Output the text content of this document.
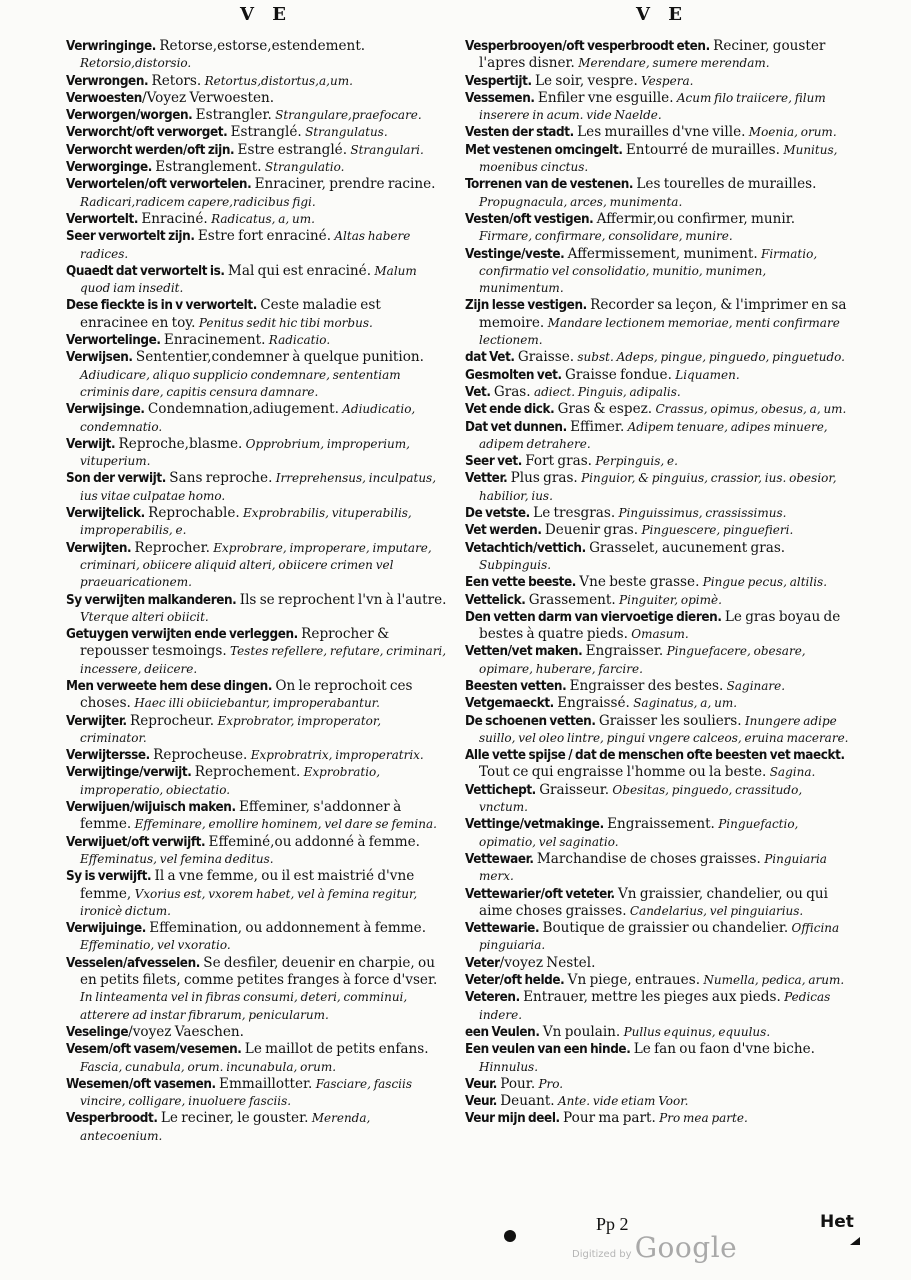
V E	V E
Verwringinge. Retorse,estorse,estendement. Retorsio,distorsio.
Verwrongen. Retors. Retortus,distortus,a,um.
Verwoesten/Voyez Verwoesten.
Verworgen/worgen. Estrangler. Strangulare,praefocare.
Verworcht/oft verworget. Estranglé. Strangulatus.
Verworcht werden/oft zijn. Estre estranglé. Strangulari.
Verworginge. Estranglement. Strangulatio.
Verwortelen/oft verwortelen. Enraciner, prendre racine. Radicari,radicem capere,radicibus figi.
Verwortelt. Enraciné. Radicatus, a, um.
Seer verwortelt zijn. Estre fort enraciné. Altas habere radices.
Quaedt dat verwortelt is. Mal qui est enraciné. Malum quod iam insedit.
Dese fieckte is in v verwortelt. Ceste maladie est enracinee en toy. Penitus sedit hic tibi morbus.
Verwortelinge. Enracinement. Radicatio.
Verwijsen. Sententier,condemner à quelque punition. Adiudicare, aliquo supplicio condemnare, sententiam criminis dare, capitis censura damnare.
Verwijsinge. Condemnation,adiugement. Adiudicatio, condemnatio.
Verwijt. Reproche,blasme. Opprobrium, improperium, vituperium.
Son der verwijt. Sans reproche. Irreprehensus, inculpatus, ius vitae culpatae homo.
Verwijtelick. Reprochable. Exprobrabilis, vituperabilis, improperabilis, e.
Verwijten. Reprocher. Exprobrare, improperare, imputare, criminari, obiicere aliquid alteri, obiicere crimen vel praeuaricationem.
Sy verwijten malkanderen. Ils se reprochent l'vn à l'autre. Vterque alteri obiicit.
Getuygen verwijten ende verleggen. Reprocher & repousser tesmoings. Testes refellere, refutare, criminari, incessere, deiicere.
Men verweete hem dese dingen. On le reprochoit ces choses. Haec illi obiiciebantur, improperabantur.
Verwijter. Reprocheur. Exprobrator, improperator, criminator.
Verwijtersse. Reprocheuse. Exprobratrix, improperatrix.
Verwijtinge/verwijt. Reprochement. Exprobratio, improperatio, obiectatio.
Verwijuen/wijuisch maken. Effeminer, s'addonner à femme. Effeminare, emollire hominem, vel dare se femina.
Verwijuet/oft verwijft. Effeminé,ou addonné à femme. Effeminatus, vel femina deditus.
Sy is verwijft. Il a vne femme, ou il est maistrié d'vne femme, Vxorius est, vxorem habet, vel à femina regitur, ironicè dictum.
Verwijuinge. Effemination, ou addonnement à femme. Effeminatio, vel vxoratio.
Vesselen/afvesselen. Se desfiler, deuenir en charpie, ou en petits filets, comme petites franges à force d'vser. In linteamenta vel in fibras consumi, deteri, comminui, atterere ad instar fibrarum, penicularum.
Veselinge/voyez Vaeschen.
Vesem/oft vasem/vesemen. Le maillot de petits enfans. Fascia, cunabula, orum. incunabula, orum.
Wesemen/oft vasemen. Emmaillotter. Fasciare, fasciis vincire, colligare, inuoluere fasciis.
Vesperbroodt. Le reciner, le gouster. Merenda, antecoenium.
Vesperbrooyen/oft vesperbroodt eten. Reciner, gouster l'apres disner. Merendare, sumere merendam.
Vespertijt. Le soir, vespre. Vespera.
Vessemen. Enfiler vne esguille. Acum filo traiicere, filum inserere in acum. vide Naelde.
Vesten der stadt. Les murailles d'vne ville. Moenia, orum.
Met vestenen omcingelt. Entourré de murailles. Munitus, moenibus cinctus.
Torrenen van de vestenen. Les tourelles de murailles. Propugnacula, arces, munimenta.
Vesten/oft vestigen. Affermir,ou confirmer, munir. Firmare, confirmare, consolidare, munire.
Vestinge/veste. Affermissement, muniment. Firmatio, confirmatio vel consolidatio, munitio, munimen, munimentum.
Zijn lesse vestigen. Recorder sa leçon, & l'imprimer en sa memoire. Mandare lectionem memoriae, menti confirmare lectionem.
dat Vet. Graisse. subst. Adeps, pingue, pinguedo, pinguetudo.
Gesmolten vet. Graisse fondue. Liquamen.
Vet. Gras. adiect. Pinguis, adipalis.
Vet ende dick. Gras & espez. Crassus, opimus, obesus, a, um.
Dat vet dunnen. Effimer. Adipem tenuare, adipes minuere, adipem detrahere.
Seer vet. Fort gras. Perpinguis, e.
Vetter. Plus gras. Pinguior, & pinguius, crassior, ius. obesior, habilior, ius.
De vetste. Le tresgras. Pinguissimus, crassissimus.
Vet werden. Deuenir gras. Pinguescere, pinguefieri.
Vetachtich/vettich. Grasselet, aucunement gras. Subpinguis.
Een vette beeste. Vne beste grasse. Pingue pecus, altilis.
Vettelick. Grassement. Pinguiter, opimè.
Den vetten darm van viervoetige dieren. Le gras boyau de bestes à quatre pieds. Omasum.
Vetten/vet maken. Engraisser. Pinguefacere, obesare, opimare, huberare, farcire.
Beesten vetten. Engraisser des bestes. Saginare.
Vetgemaeckt. Engraissé. Saginatus, a, um.
De schoenen vetten. Graisser les souliers. Inungere adipe suillo, vel oleo lintre, pingui vngere calceos, eruina macerare.
Alle vette spijse / dat de menschen ofte beesten vet maeckt. Tout ce qui engraisse l'homme ou la beste. Sagina.
Vettichept. Graisseur. Obesitas, pinguedo, crassitudo, vnctum.
Vettinge/vetmakinge. Engraissement. Pinguefactio, opimatio, vel saginatio.
Vettewaer. Marchandise de choses graisses. Pinguiaria merx.
Vettewarier/oft veteter. Vn graissier, chandelier, ou qui aime choses graisses. Candelarius, vel pinguiarius.
Vettewarie. Boutique de graissier ou chandelier. Officina pinguiaria.
Veter/voyez Nestel.
Veter/oft helde. Vn piege, entraues. Numella, pedica, arum.
Veteren. Entrauer, mettre les pieges aux pieds. Pedicas indere.
een Veulen. Vn poulain. Pullus equinus, equulus.
Een veulen van een hinde. Le fan ou faon d'vne biche. Hinnulus.
Veur. Pour. Pro.
Veur. Deuant. Ante. vide etiam Voor.
Veur mijn deel. Pour ma part. Pro mea parte.
Pp 2	Het
Digitized by Google
